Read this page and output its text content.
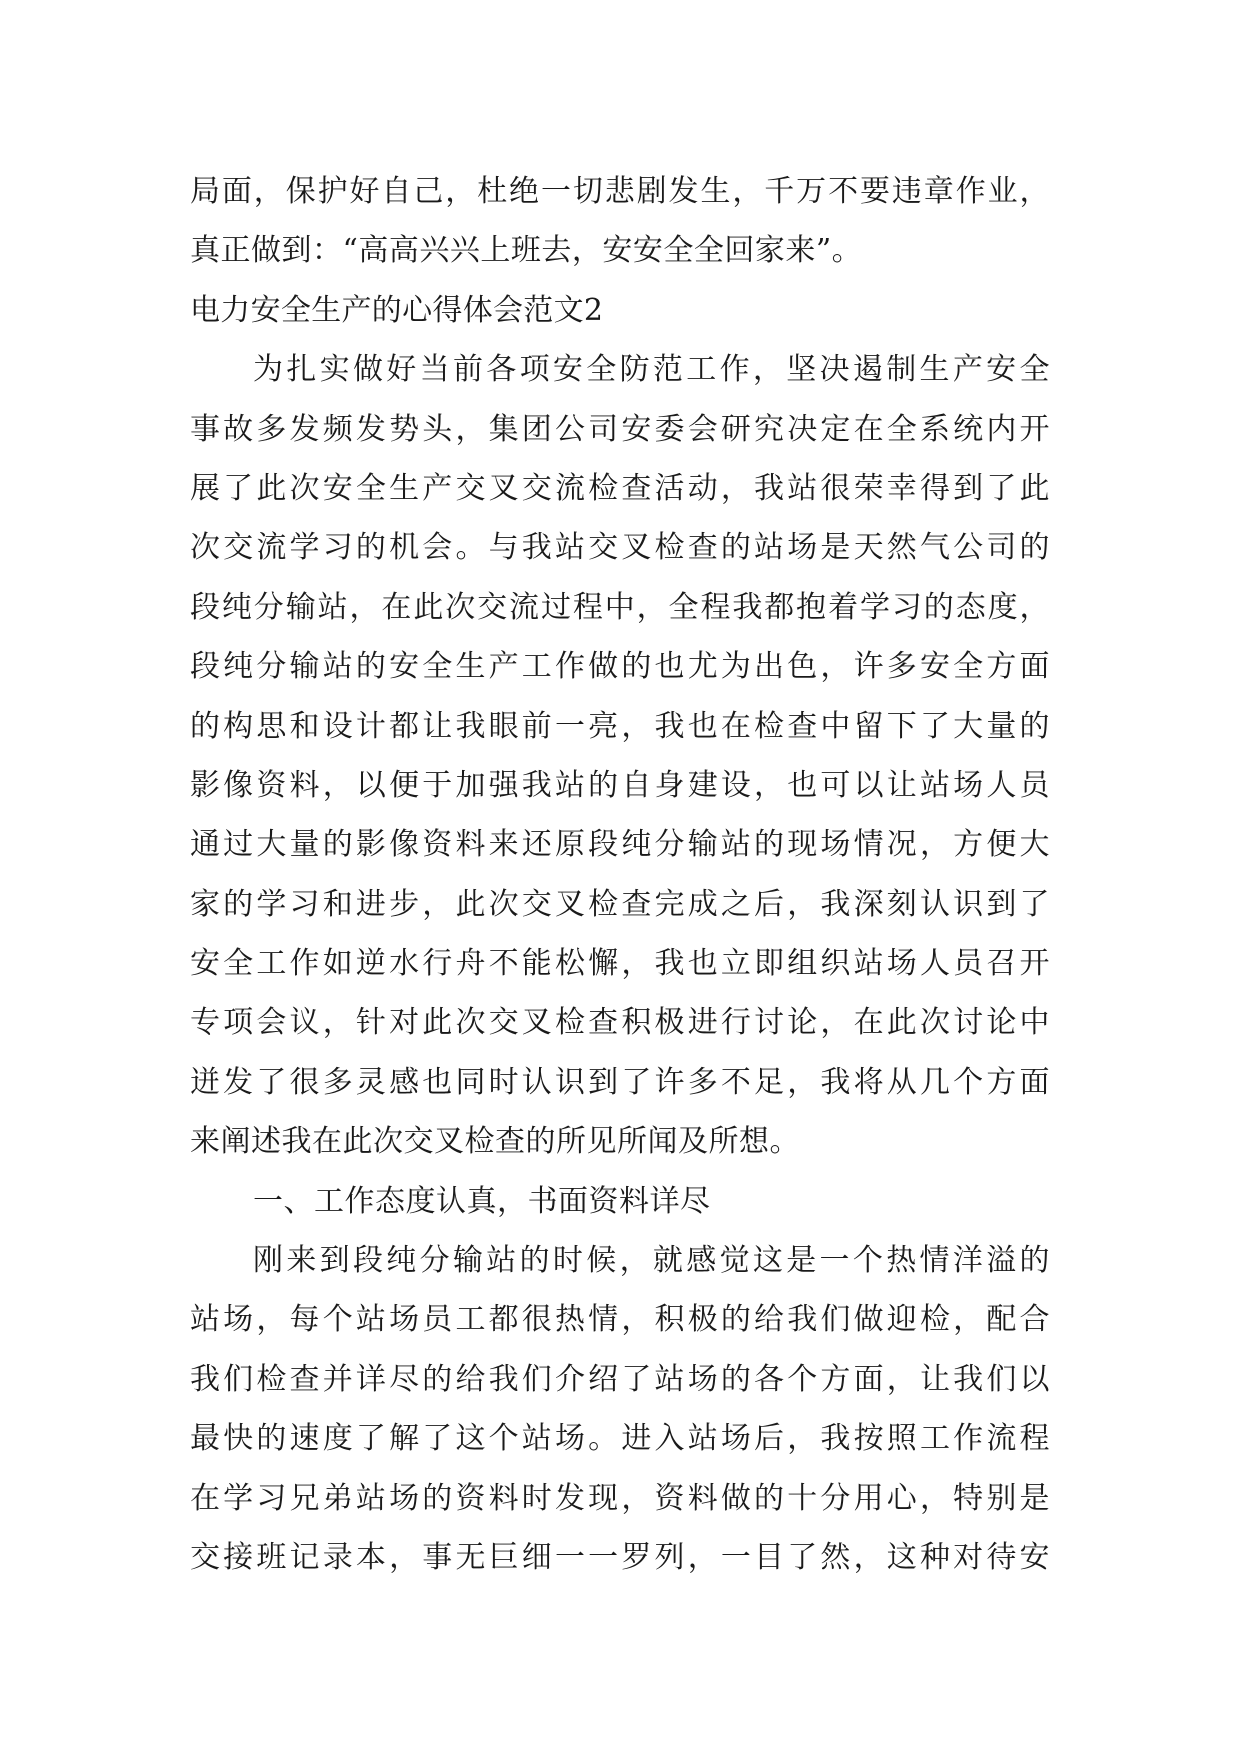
局面，保护好自己，杜绝一切悲剧发生，千万不要违章作业，
真正做到：“高高兴兴上班去，安安全全回家来”。
电力安全生产的心得体会范文2
为扎实做好当前各项安全防范工作，坚决遏制生产安全
事故多发频发势头，集团公司安委会研究决定在全系统内开
展了此次安全生产交叉交流检查活动，我站很荣幸得到了此
次交流学习的机会。与我站交叉检查的站场是天然气公司的
段纯分输站，在此次交流过程中，全程我都抱着学习的态度，
段纯分输站的安全生产工作做的也尤为出色，许多安全方面
的构思和设计都让我眼前一亮，我也在检查中留下了大量的
影像资料，以便于加强我站的自身建设，也可以让站场人员
通过大量的影像资料来还原段纯分输站的现场情况，方便大
家的学习和进步，此次交叉检查完成之后，我深刻认识到了
安全工作如逆水行舟不能松懈，我也立即组织站场人员召开
专项会议，针对此次交叉检查积极进行讨论，在此次讨论中
迸发了很多灵感也同时认识到了许多不足，我将从几个方面
来阐述我在此次交叉检查的所见所闻及所想。
一、工作态度认真，书面资料详尽
刚来到段纯分输站的时候，就感觉这是一个热情洋溢的
站场，每个站场员工都很热情，积极的给我们做迎检，配合
我们检查并详尽的给我们介绍了站场的各个方面，让我们以
最快的速度了解了这个站场。进入站场后，我按照工作流程
在学习兄弟站场的资料时发现，资料做的十分用心，特别是
交接班记录本，事无巨细一一罗列，一目了然，这种对待安
